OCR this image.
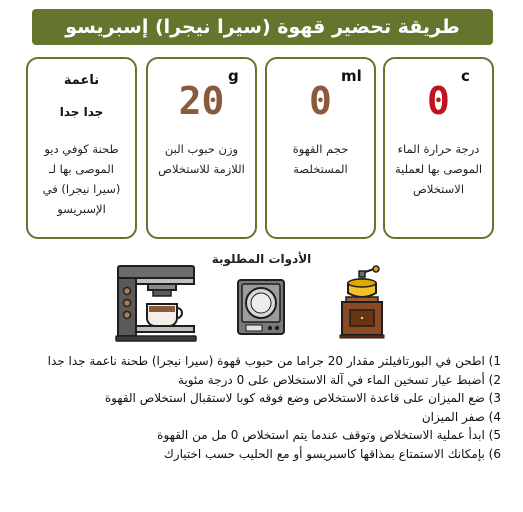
طريقة تحضير قهوة (سيرا نيجرا) إسبريسو
ناعمة
جدا جدا
طحنة كوفي ديو الموصى بها لـ (سيرا نيجرا) في الإسبريسو
20
g
وزن حبوب البن اللازمة للاستخلاص
0
ml
حجم القهوة المستخلصة
0
c
درجة حرارة الماء الموصى بها لعملية الاستخلاص
الأدوات المطلوبة
1) اطحن في البورتافيلتر مقدار 20 جراما من حبوب قهوة (سيرا نيجرا) طحنة ناعمة جدا جدا
2) أضبط عيار تسخين الماء في آلة الاستخلاص على 0 درجة مئوية
3) ضع الميزان على قاعدة الاستخلاص وضع فوقه كوبا لاستقبال استخلاص القهوة
4) صفر الميزان
5) ابدأ عملية الاستخلاص وتوقف عندما يتم استخلاص 0 مل من القهوة
6) بإمكانك الاستمتاع بمذاقها كاسبريسو أو مع الحليب حسب اختيارك
